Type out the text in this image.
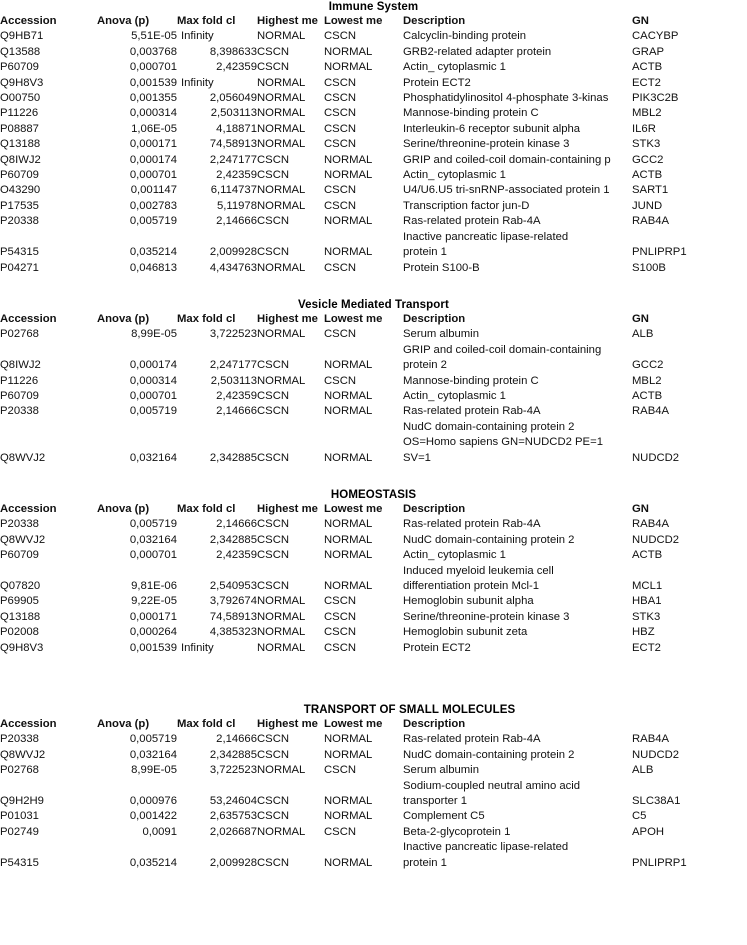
Immune System
Accession	Anova (p)	Max fold cl	Highest me	Lowest me	Description	GN
Q9HB71	5,51E-05	Infinity	NORMAL	CSCN	Calcyclin-binding protein	CACYBP
Q13588	0,003768	8,398633	CSCN	NORMAL	GRB2-related adapter protein	GRAP
P60709	0,000701	2,42359	CSCN	NORMAL	Actin_ cytoplasmic 1	ACTB
Q9H8V3	0,001539	Infinity	NORMAL	CSCN	Protein ECT2	ECT2
O00750	0,001355	2,056049	NORMAL	CSCN	Phosphatidylinositol 4-phosphate 3-kinas	PIK3C2B
P11226	0,000314	2,503113	NORMAL	CSCN	Mannose-binding protein C	MBL2
P08887	1,06E-05	4,18871	NORMAL	CSCN	Interleukin-6 receptor subunit alpha	IL6R
Q13188	0,000171	74,58913	NORMAL	CSCN	Serine/threonine-protein kinase 3	STK3
Q8IWJ2	0,000174	2,247177	CSCN	NORMAL	GRIP and coiled-coil domain-containing p	GCC2
P60709	0,000701	2,42359	CSCN	NORMAL	Actin_ cytoplasmic 1	ACTB
O43290	0,001147	6,114737	NORMAL	CSCN	U4/U6.U5 tri-snRNP-associated protein 1	SART1
P17535	0,002783	5,11978	NORMAL	CSCN	Transcription factor jun-D	JUND
P20338	0,005719	2,14666	CSCN	NORMAL	Ras-related protein Rab-4A	RAB4A
P54315	0,035214	2,009928	CSCN	NORMAL	Inactive pancreatic lipase-related
protein 1	PNLIPRP1
P04271	0,046813	4,434763	NORMAL	CSCN	Protein S100-B	S100B
Vesicle Mediated Transport
Accession	Anova (p)	Max fold cl	Highest me	Lowest me	Description	GN
P02768	8,99E-05	3,722523	NORMAL	CSCN	Serum albumin	ALB
Q8IWJ2	0,000174	2,247177	CSCN	NORMAL	GRIP and coiled-coil domain-containing
protein 2	GCC2
P11226	0,000314	2,503113	NORMAL	CSCN	Mannose-binding protein C	MBL2
P60709	0,000701	2,42359	CSCN	NORMAL	Actin_ cytoplasmic 1	ACTB
P20338	0,005719	2,14666	CSCN	NORMAL	Ras-related protein Rab-4A	RAB4A
Q8WVJ2	0,032164	2,342885	CSCN	NORMAL	NudC domain-containing protein 2
OS=Homo sapiens GN=NUDCD2 PE=1
SV=1	NUDCD2
HOMEOSTASIS
Accession	Anova (p)	Max fold cl	Highest me	Lowest me	Description	GN
P20338	0,005719	2,14666	CSCN	NORMAL	Ras-related protein Rab-4A	RAB4A
Q8WVJ2	0,032164	2,342885	CSCN	NORMAL	NudC domain-containing protein 2	NUDCD2
P60709	0,000701	2,42359	CSCN	NORMAL	Actin_ cytoplasmic 1	ACTB
Q07820	9,81E-06	2,540953	CSCN	NORMAL	Induced myeloid leukemia cell
differentiation protein Mcl-1	MCL1
P69905	9,22E-05	3,792674	NORMAL	CSCN	Hemoglobin subunit alpha	HBA1
Q13188	0,000171	74,58913	NORMAL	CSCN	Serine/threonine-protein kinase 3	STK3
P02008	0,000264	4,385323	NORMAL	CSCN	Hemoglobin subunit zeta	HBZ
Q9H8V3	0,001539	Infinity	NORMAL	CSCN	Protein ECT2	ECT2
TRANSPORT OF SMALL MOLECULES
Accession	Anova (p)	Max fold cl	Highest me	Lowest me	Description	
P20338	0,005719	2,14666	CSCN	NORMAL	Ras-related protein Rab-4A	RAB4A
Q8WVJ2	0,032164	2,342885	CSCN	NORMAL	NudC domain-containing protein 2	NUDCD2
P02768	8,99E-05	3,722523	NORMAL	CSCN	Serum albumin	ALB
Q9H2H9	0,000976	53,24604	CSCN	NORMAL	Sodium-coupled neutral amino acid
transporter 1	SLC38A1
P01031	0,001422	2,635753	CSCN	NORMAL	Complement C5	C5
P02749	0,0091	2,026687	NORMAL	CSCN	Beta-2-glycoprotein 1	APOH
P54315	0,035214	2,009928	CSCN	NORMAL	Inactive pancreatic lipase-related
protein 1	PNLIPRP1
